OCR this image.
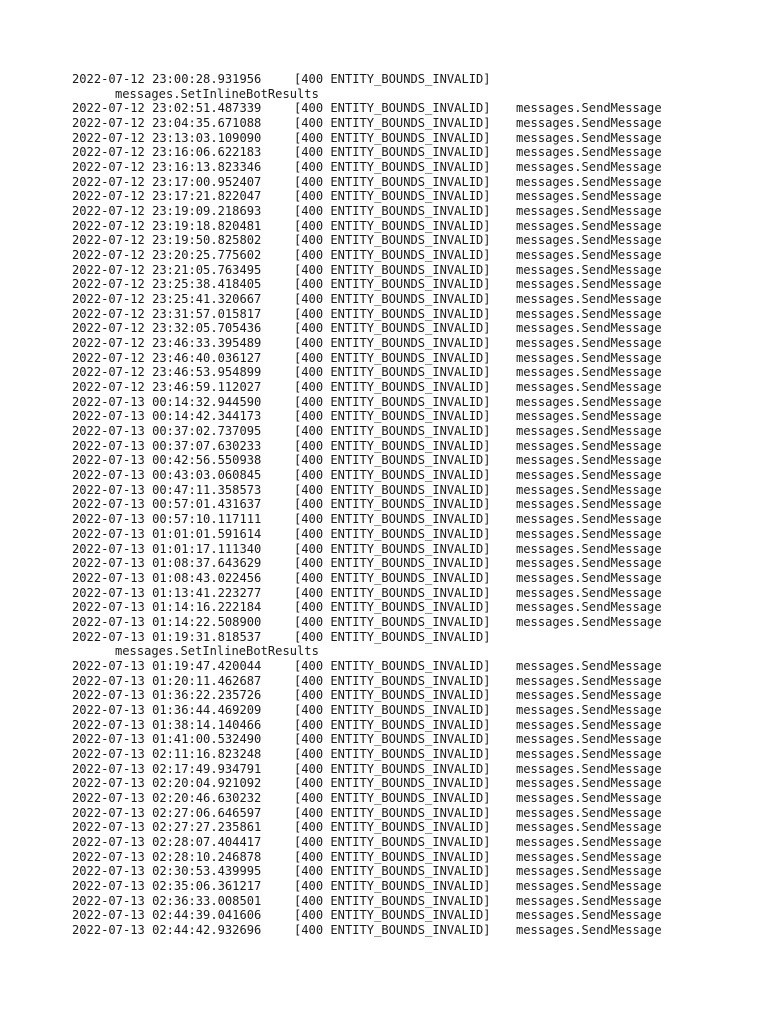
2022-07-12 23:00:28.931956	[400 ENTITY_BOUNDS_INVALID]
messages.SetInlineBotResults
2022-07-12 23:02:51.487339	[400 ENTITY_BOUNDS_INVALID]	messages.SendMessage
2022-07-12 23:04:35.671088	[400 ENTITY_BOUNDS_INVALID]	messages.SendMessage
2022-07-12 23:13:03.109090	[400 ENTITY_BOUNDS_INVALID]	messages.SendMessage
2022-07-12 23:16:06.622183	[400 ENTITY_BOUNDS_INVALID]	messages.SendMessage
2022-07-12 23:16:13.823346	[400 ENTITY_BOUNDS_INVALID]	messages.SendMessage
2022-07-12 23:17:00.952407	[400 ENTITY_BOUNDS_INVALID]	messages.SendMessage
2022-07-12 23:17:21.822047	[400 ENTITY_BOUNDS_INVALID]	messages.SendMessage
2022-07-12 23:19:09.218693	[400 ENTITY_BOUNDS_INVALID]	messages.SendMessage
2022-07-12 23:19:18.820481	[400 ENTITY_BOUNDS_INVALID]	messages.SendMessage
2022-07-12 23:19:50.825802	[400 ENTITY_BOUNDS_INVALID]	messages.SendMessage
2022-07-12 23:20:25.775602	[400 ENTITY_BOUNDS_INVALID]	messages.SendMessage
2022-07-12 23:21:05.763495	[400 ENTITY_BOUNDS_INVALID]	messages.SendMessage
2022-07-12 23:25:38.418405	[400 ENTITY_BOUNDS_INVALID]	messages.SendMessage
2022-07-12 23:25:41.320667	[400 ENTITY_BOUNDS_INVALID]	messages.SendMessage
2022-07-12 23:31:57.015817	[400 ENTITY_BOUNDS_INVALID]	messages.SendMessage
2022-07-12 23:32:05.705436	[400 ENTITY_BOUNDS_INVALID]	messages.SendMessage
2022-07-12 23:46:33.395489	[400 ENTITY_BOUNDS_INVALID]	messages.SendMessage
2022-07-12 23:46:40.036127	[400 ENTITY_BOUNDS_INVALID]	messages.SendMessage
2022-07-12 23:46:53.954899	[400 ENTITY_BOUNDS_INVALID]	messages.SendMessage
2022-07-12 23:46:59.112027	[400 ENTITY_BOUNDS_INVALID]	messages.SendMessage
2022-07-13 00:14:32.944590	[400 ENTITY_BOUNDS_INVALID]	messages.SendMessage
2022-07-13 00:14:42.344173	[400 ENTITY_BOUNDS_INVALID]	messages.SendMessage
2022-07-13 00:37:02.737095	[400 ENTITY_BOUNDS_INVALID]	messages.SendMessage
2022-07-13 00:37:07.630233	[400 ENTITY_BOUNDS_INVALID]	messages.SendMessage
2022-07-13 00:42:56.550938	[400 ENTITY_BOUNDS_INVALID]	messages.SendMessage
2022-07-13 00:43:03.060845	[400 ENTITY_BOUNDS_INVALID]	messages.SendMessage
2022-07-13 00:47:11.358573	[400 ENTITY_BOUNDS_INVALID]	messages.SendMessage
2022-07-13 00:57:01.431637	[400 ENTITY_BOUNDS_INVALID]	messages.SendMessage
2022-07-13 00:57:10.117111	[400 ENTITY_BOUNDS_INVALID]	messages.SendMessage
2022-07-13 01:01:01.591614	[400 ENTITY_BOUNDS_INVALID]	messages.SendMessage
2022-07-13 01:01:17.111340	[400 ENTITY_BOUNDS_INVALID]	messages.SendMessage
2022-07-13 01:08:37.643629	[400 ENTITY_BOUNDS_INVALID]	messages.SendMessage
2022-07-13 01:08:43.022456	[400 ENTITY_BOUNDS_INVALID]	messages.SendMessage
2022-07-13 01:13:41.223277	[400 ENTITY_BOUNDS_INVALID]	messages.SendMessage
2022-07-13 01:14:16.222184	[400 ENTITY_BOUNDS_INVALID]	messages.SendMessage
2022-07-13 01:14:22.508900	[400 ENTITY_BOUNDS_INVALID]	messages.SendMessage
2022-07-13 01:19:31.818537	[400 ENTITY_BOUNDS_INVALID]
messages.SetInlineBotResults
2022-07-13 01:19:47.420044	[400 ENTITY_BOUNDS_INVALID]	messages.SendMessage
2022-07-13 01:20:11.462687	[400 ENTITY_BOUNDS_INVALID]	messages.SendMessage
2022-07-13 01:36:22.235726	[400 ENTITY_BOUNDS_INVALID]	messages.SendMessage
2022-07-13 01:36:44.469209	[400 ENTITY_BOUNDS_INVALID]	messages.SendMessage
2022-07-13 01:38:14.140466	[400 ENTITY_BOUNDS_INVALID]	messages.SendMessage
2022-07-13 01:41:00.532490	[400 ENTITY_BOUNDS_INVALID]	messages.SendMessage
2022-07-13 02:11:16.823248	[400 ENTITY_BOUNDS_INVALID]	messages.SendMessage
2022-07-13 02:17:49.934791	[400 ENTITY_BOUNDS_INVALID]	messages.SendMessage
2022-07-13 02:20:04.921092	[400 ENTITY_BOUNDS_INVALID]	messages.SendMessage
2022-07-13 02:20:46.630232	[400 ENTITY_BOUNDS_INVALID]	messages.SendMessage
2022-07-13 02:27:06.646597	[400 ENTITY_BOUNDS_INVALID]	messages.SendMessage
2022-07-13 02:27:27.235861	[400 ENTITY_BOUNDS_INVALID]	messages.SendMessage
2022-07-13 02:28:07.404417	[400 ENTITY_BOUNDS_INVALID]	messages.SendMessage
2022-07-13 02:28:10.246878	[400 ENTITY_BOUNDS_INVALID]	messages.SendMessage
2022-07-13 02:30:53.439995	[400 ENTITY_BOUNDS_INVALID]	messages.SendMessage
2022-07-13 02:35:06.361217	[400 ENTITY_BOUNDS_INVALID]	messages.SendMessage
2022-07-13 02:36:33.008501	[400 ENTITY_BOUNDS_INVALID]	messages.SendMessage
2022-07-13 02:44:39.041606	[400 ENTITY_BOUNDS_INVALID]	messages.SendMessage
2022-07-13 02:44:42.932696	[400 ENTITY_BOUNDS_INVALID]	messages.SendMessage
